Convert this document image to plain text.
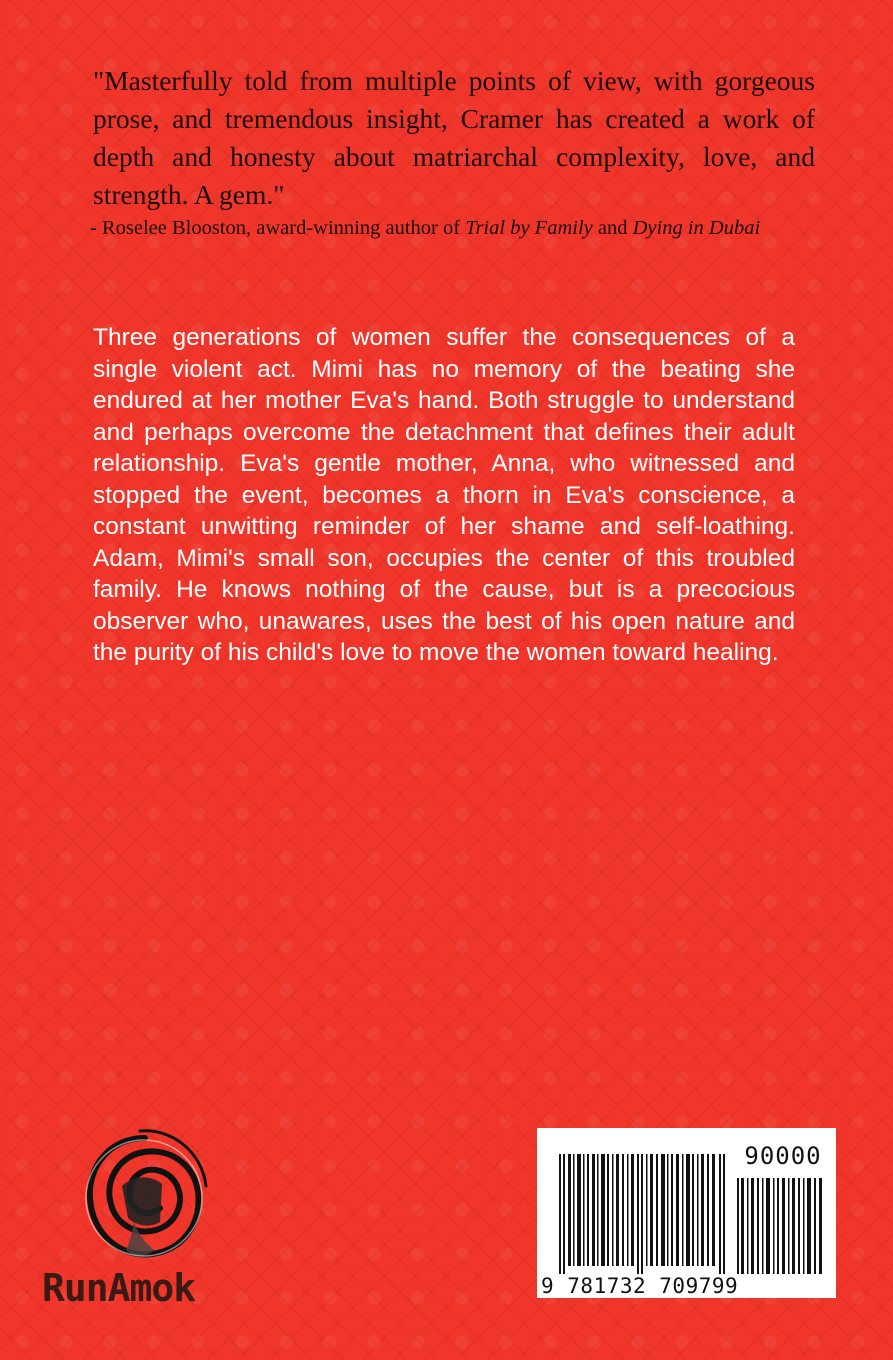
"Masterfully told from multiple points of view, with gorgeous prose, and tremendous insight, Cramer has created a work of depth and honesty about matriarchal complexity, love, and strength. A gem."

- Roselee Blooston, award-winning author of Trial by Family and Dying in Dubai

Three generations of women suffer the consequences of a single violent act. Mimi has no memory of the beating she endured at her mother Eva's hand. Both struggle to understand and perhaps overcome the detachment that defines their adult relationship. Eva's gentle mother, Anna, who witnessed and stopped the event, becomes a thorn in Eva's conscience, a constant unwitting reminder of her shame and self-loathing. Adam, Mimi's small son, occupies the center of this troubled family. He knows nothing of the cause, but is a precocious observer who, unawares, uses the best of his open nature and the purity of his child's love to move the women toward healing.

RunAmok
90000
9 781732 709799
